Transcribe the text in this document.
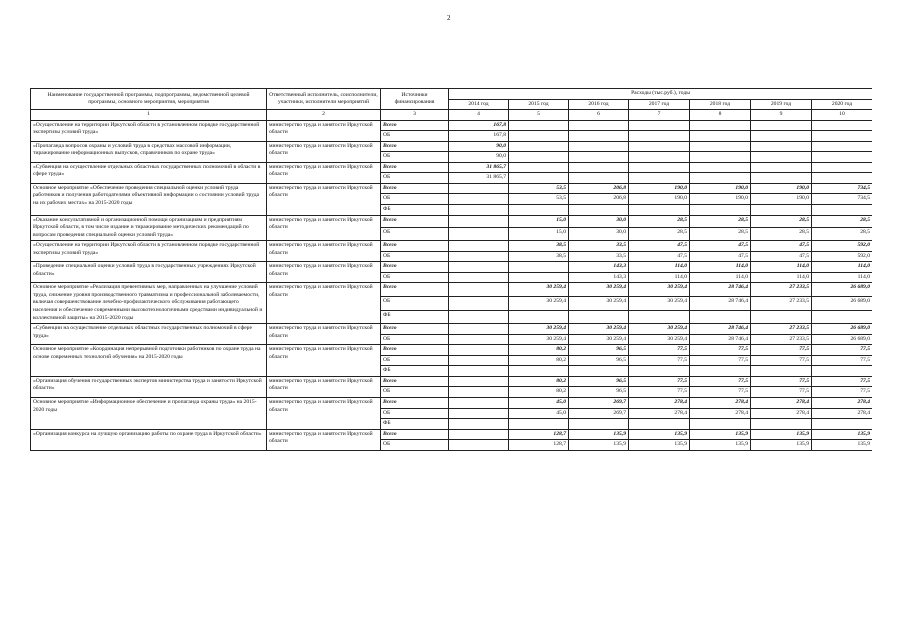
2
Наименование государственной программы, подпрограммы, ведомственной целевой программы, основного мероприятия, мероприятия	Ответственный исполнитель, соисполнители, участники, исполнители мероприятий	Источники финансирования	Расходы (тыс.руб.), годы						
			2014 год	2015 год	2016 год	2017 год	2018 год	2019 год	2020 год
1	2	3	4	5	6	7	8	9	10
«Осуществление на территории Иркутской области в установленном порядке государственной экспертизы условий труда»	министерство труда и занятости Иркутской области	Всего	167,8						
		ОБ	167,8						
«Пропаганда вопросов охраны и условий труда в средствах массовой информации, тиражирование информационных выпусков, справочников по охране труда»	министерство труда и занятости Иркутской области	Всего	90,0						
		ОБ	90,0						
«Субвенция на осуществление отдельных областных государственных полномочий в области в сфере труда»	министерство труда и занятости Иркутской области	Всего	31 865,7						
		ОБ	31 865,7						
Основное мероприятие «Обеспечение проведения специальной оценки условий труда работников и получения работодателями объективной информации о состоянии условий труда на их рабочих местах» на 2015-2020 годы	министерство труда и занятости Иркутской области	Всего		53,5	206,8	190,0	190,0	190,0	734,5
		ОБ		53,5	206,8	190,0	190,0	190,0	734,5
		ФБ							
«Оказание консультативной и организационной помощи организациям и предприятиям Иркутской области, в том числе издание и тиражирование методических рекомендаций по вопросам проведения специальной оценки условий труда»	министерство труда и занятости Иркутской области	Всего		15,0	30,0	28,5	28,5	28,5	28,5
		ОБ		15,0	30,0	28,5	28,5	28,5	28,5
«Осуществление на территории Иркутской области в установленном порядке государственной экспертизы условий труда»	министерство труда и занятости Иркутской области	Всего		38,5	33,5	47,5	47,5	47,5	592,0
		ОБ		38,5	33,5	47,5	47,5	47,5	592,0
«Проведение специальной оценки условий труда в государственных учреждениях Иркутской области»	министерство труда и занятости Иркутской области	Всего			143,3	114,0	114,0	114,0	114,0
		ОБ			143,3	114,0	114,0	114,0	114,0
Основное мероприятие «Реализация превентивных мер, направленных на улучшение условий труда, снижение уровня производственного травматизма и профессиональной заболеваемости, включая совершенствование лечебно-профилактического обслуживания работающего населения и обеспечение современными высокотехнологичными средствами индивидуальной и коллективной защиты» на 2015-2020 годы	министерство труда и занятости Иркутской области	Всего		30 259,4	30 259,4	30 259,4	28 746,4	27 233,5	26 689,0
		ОБ		30 259,4	30 259,4	30 259,4	28 746,4	27 233,5	26 689,0
		ФБ							
«Субвенции на осуществление отдельных областных государственных полномочий в сфере труда»	министерство труда и занятости Иркутской области	Всего		30 259,4	30 259,4	30 259,4	28 746,4	27 233,5	26 689,0
		ОБ		30 259,4	30 259,4	30 259,4	28 746,4	27 233,5	26 689,0
Основное мероприятие «Координация непрерывной подготовки работников по охране труда на основе современных технологий обучения» на 2015-2020 годы	министерство труда и занятости Иркутской области	Всего		80,2	96,5	77,5	77,5	77,5	77,5
		ОБ		80,2	96,5	77,5	77,5	77,5	77,5
		ФБ							
«Организация обучения государственных экспертов министерства труда и занятости Иркутской области»	министерство труда и занятости Иркутской области	Всего		80,2	96,5	77,5	77,5	77,5	77,5
		ОБ		80,2	96,5	77,5	77,5	77,5	77,5
Основное мероприятие «Информационное обеспечение и пропаганда охраны труда» на 2015-2020 годы	министерство труда и занятости Иркутской области	Всего		45,0	269,7	278,4	278,4	278,4	278,4
		ОБ		45,0	269,7	278,4	278,4	278,4	278,4
		ФБ							
«Организация конкурса на лучшую организацию работы по охране труда в Иркутской области»	министерство труда и занятости Иркутской области	Всего		128,7	135,9	135,9	135,9	135,9	135,9
		ОБ		128,7	135,9	135,9	135,9	135,9	135,9
